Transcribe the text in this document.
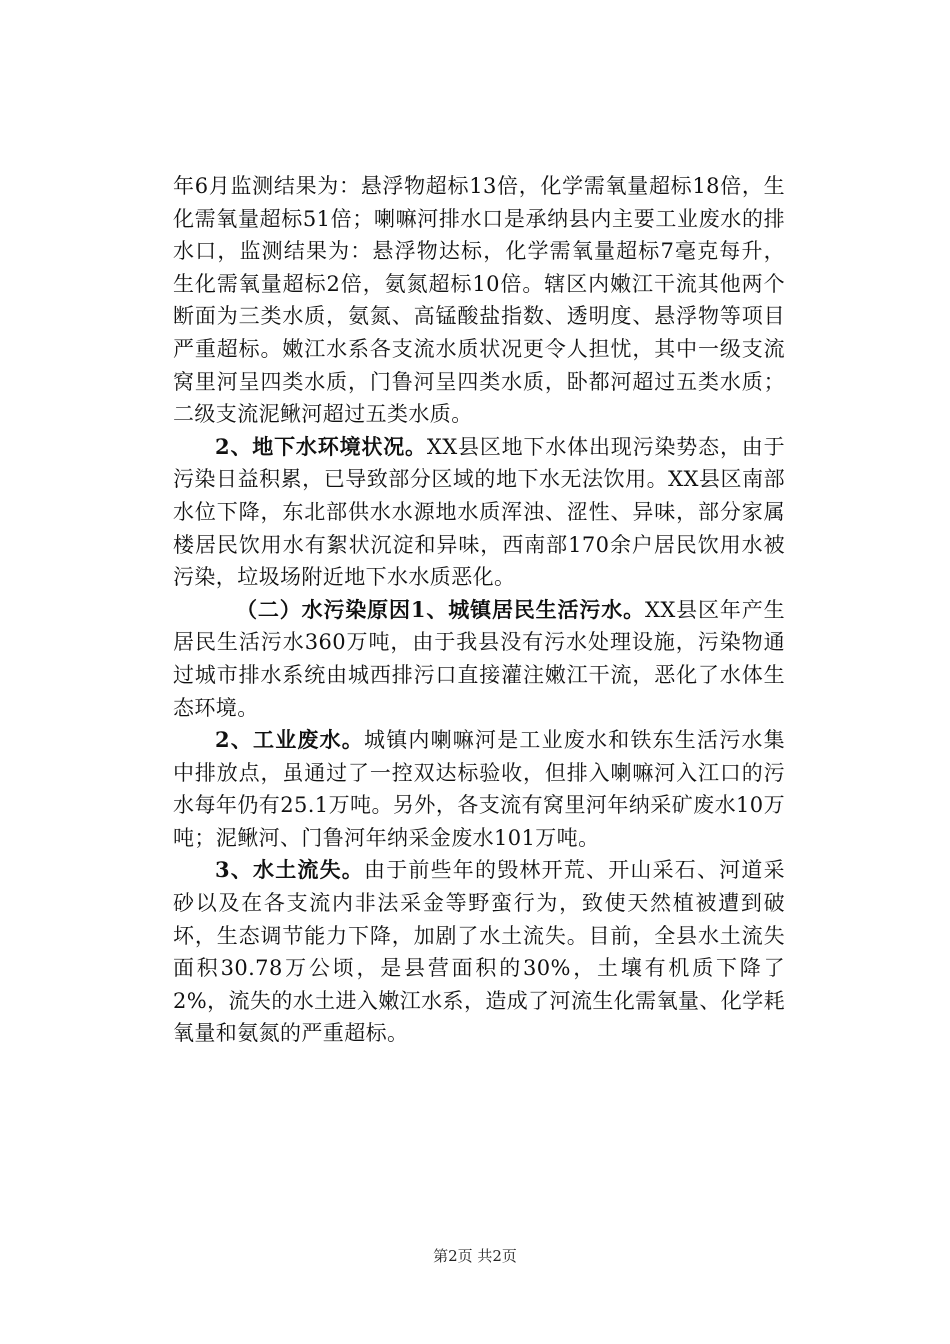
年6月监测结果为：悬浮物超标13倍，化学需氧量超标18倍，生化需氧量超标51倍；喇嘛河排水口是承纳县内主要工业废水的排水口，监测结果为：悬浮物达标，化学需氧量超标7毫克每升，生化需氧量超标2倍，氨氮超标10倍。辖区内嫩江干流其他两个断面为三类水质，氨氮、高锰酸盐指数、透明度、悬浮物等项目严重超标。嫩江水系各支流水质状况更令人担忧，其中一级支流窝里河呈四类水质，门鲁河呈四类水质，卧都河超过五类水质；二级支流泥鳅河超过五类水质。

2、地下水环境状况。XX县区地下水体出现污染势态，由于污染日益积累，已导致部分区域的地下水无法饮用。XX县区南部水位下降，东北部供水水源地水质浑浊、涩性、异味，部分家属楼居民饮用水有絮状沉淀和异味，西南部170余户居民饮用水被污染，垃圾场附近地下水水质恶化。

（二）水污染原因1、城镇居民生活污水。XX县区年产生居民生活污水360万吨，由于我县没有污水处理设施，污染物通过城市排水系统由城西排污口直接灌注嫩江干流，恶化了水体生态环境。

2、工业废水。城镇内喇嘛河是工业废水和铁东生活污水集中排放点，虽通过了一控双达标验收，但排入喇嘛河入江口的污水每年仍有25.1万吨。另外，各支流有窝里河年纳采矿废水10万吨；泥鳅河、门鲁河年纳采金废水101万吨。

3、水土流失。由于前些年的毁林开荒、开山采石、河道采砂以及在各支流内非法采金等野蛮行为，致使天然植被遭到破坏，生态调节能力下降，加剧了水土流失。目前，全县水土流失面积30.78万公顷，是县营面积的30%，土壤有机质下降了2%，流失的水土进入嫩江水系，造成了河流生化需氧量、化学耗氧量和氨氮的严重超标。

第2页 共2页
